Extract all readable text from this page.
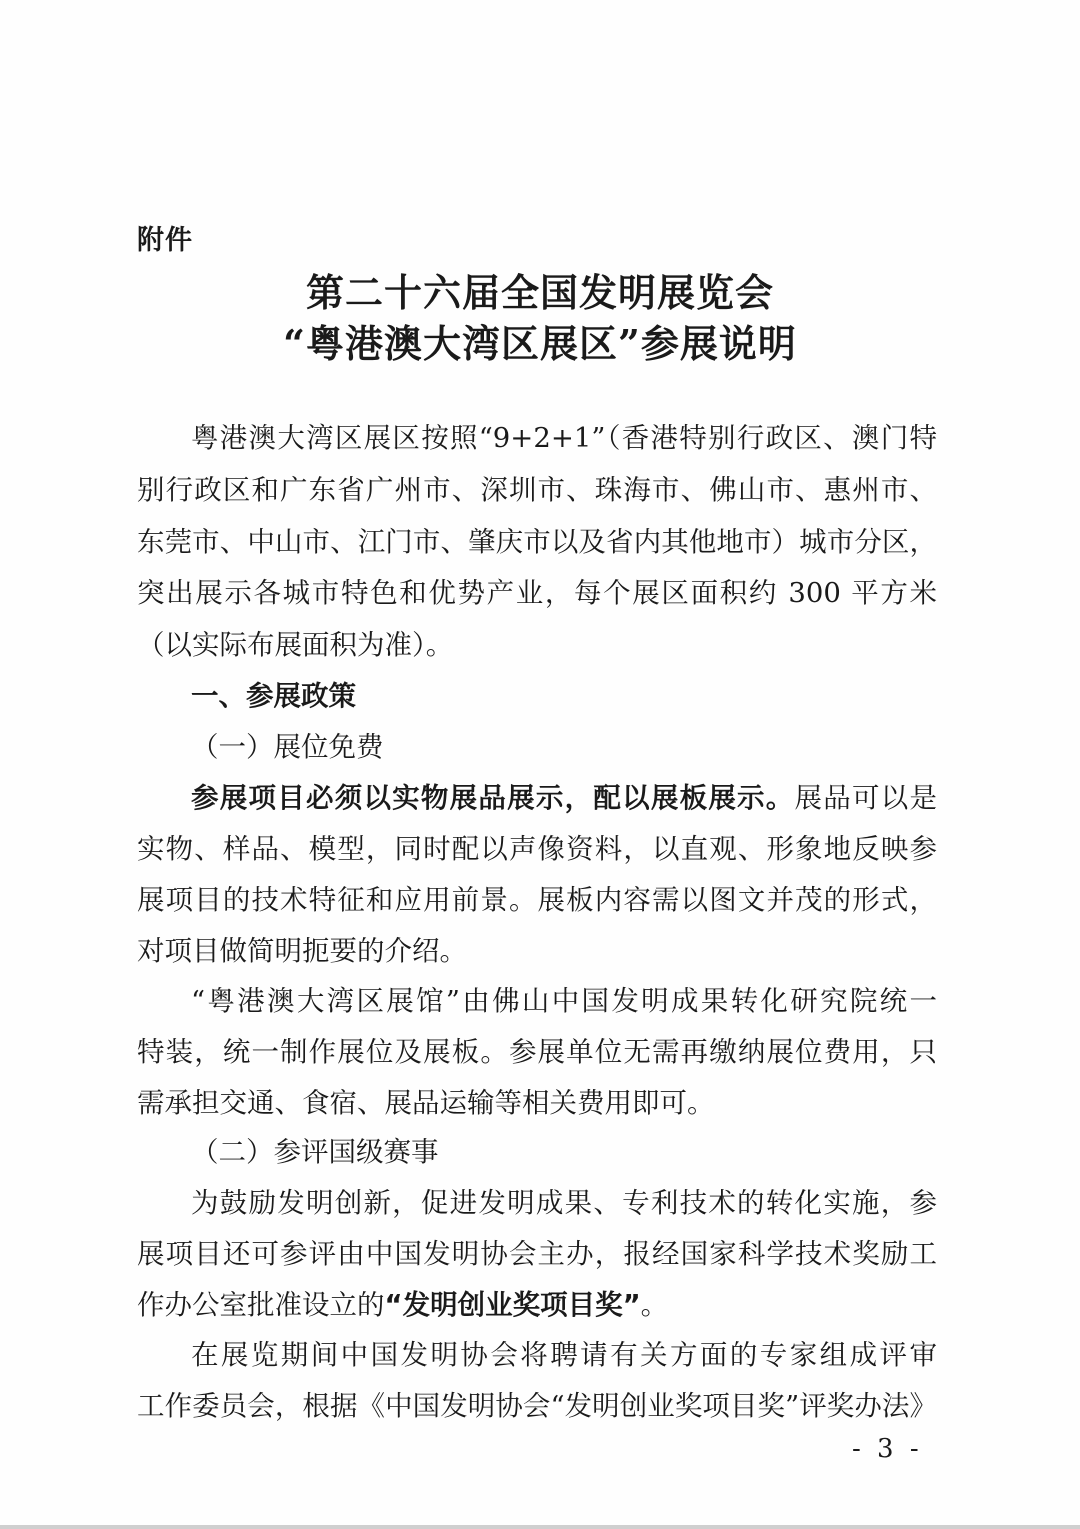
附件
第二十六届全国发明展览会
“粤港澳大湾区展区”参展说明
粤港澳大湾区展区按照“9+2+1”（香港特别行政区、澳门特
别行政区和广东省广州市、深圳市、珠海市、佛山市、惠州市、
东莞市、中山市、江门市、肇庆市以及省内其他地市）城市分区，
突出展示各城市特色和优势产业，每个展区面积约 300 平方米
（以实际布展面积为准）。
一、参展政策
（一）展位免费
参展项目必须以实物展品展示，配以展板展示。展品可以是
实物、样品、模型，同时配以声像资料，以直观、形象地反映参
展项目的技术特征和应用前景。展板内容需以图文并茂的形式，
对项目做简明扼要的介绍。
“粤港澳大湾区展馆”由佛山中国发明成果转化研究院统一
特装，统一制作展位及展板。参展单位无需再缴纳展位费用，只
需承担交通、食宿、展品运输等相关费用即可。
（二）参评国级赛事
为鼓励发明创新，促进发明成果、专利技术的转化实施，参
展项目还可参评由中国发明协会主办，报经国家科学技术奖励工
作办公室批准设立的“发明创业奖项目奖”。
在展览期间中国发明协会将聘请有关方面的专家组成评审
工作委员会，根据《中国发明协会“发明创业奖项目奖”评奖办法》
- 3 -
